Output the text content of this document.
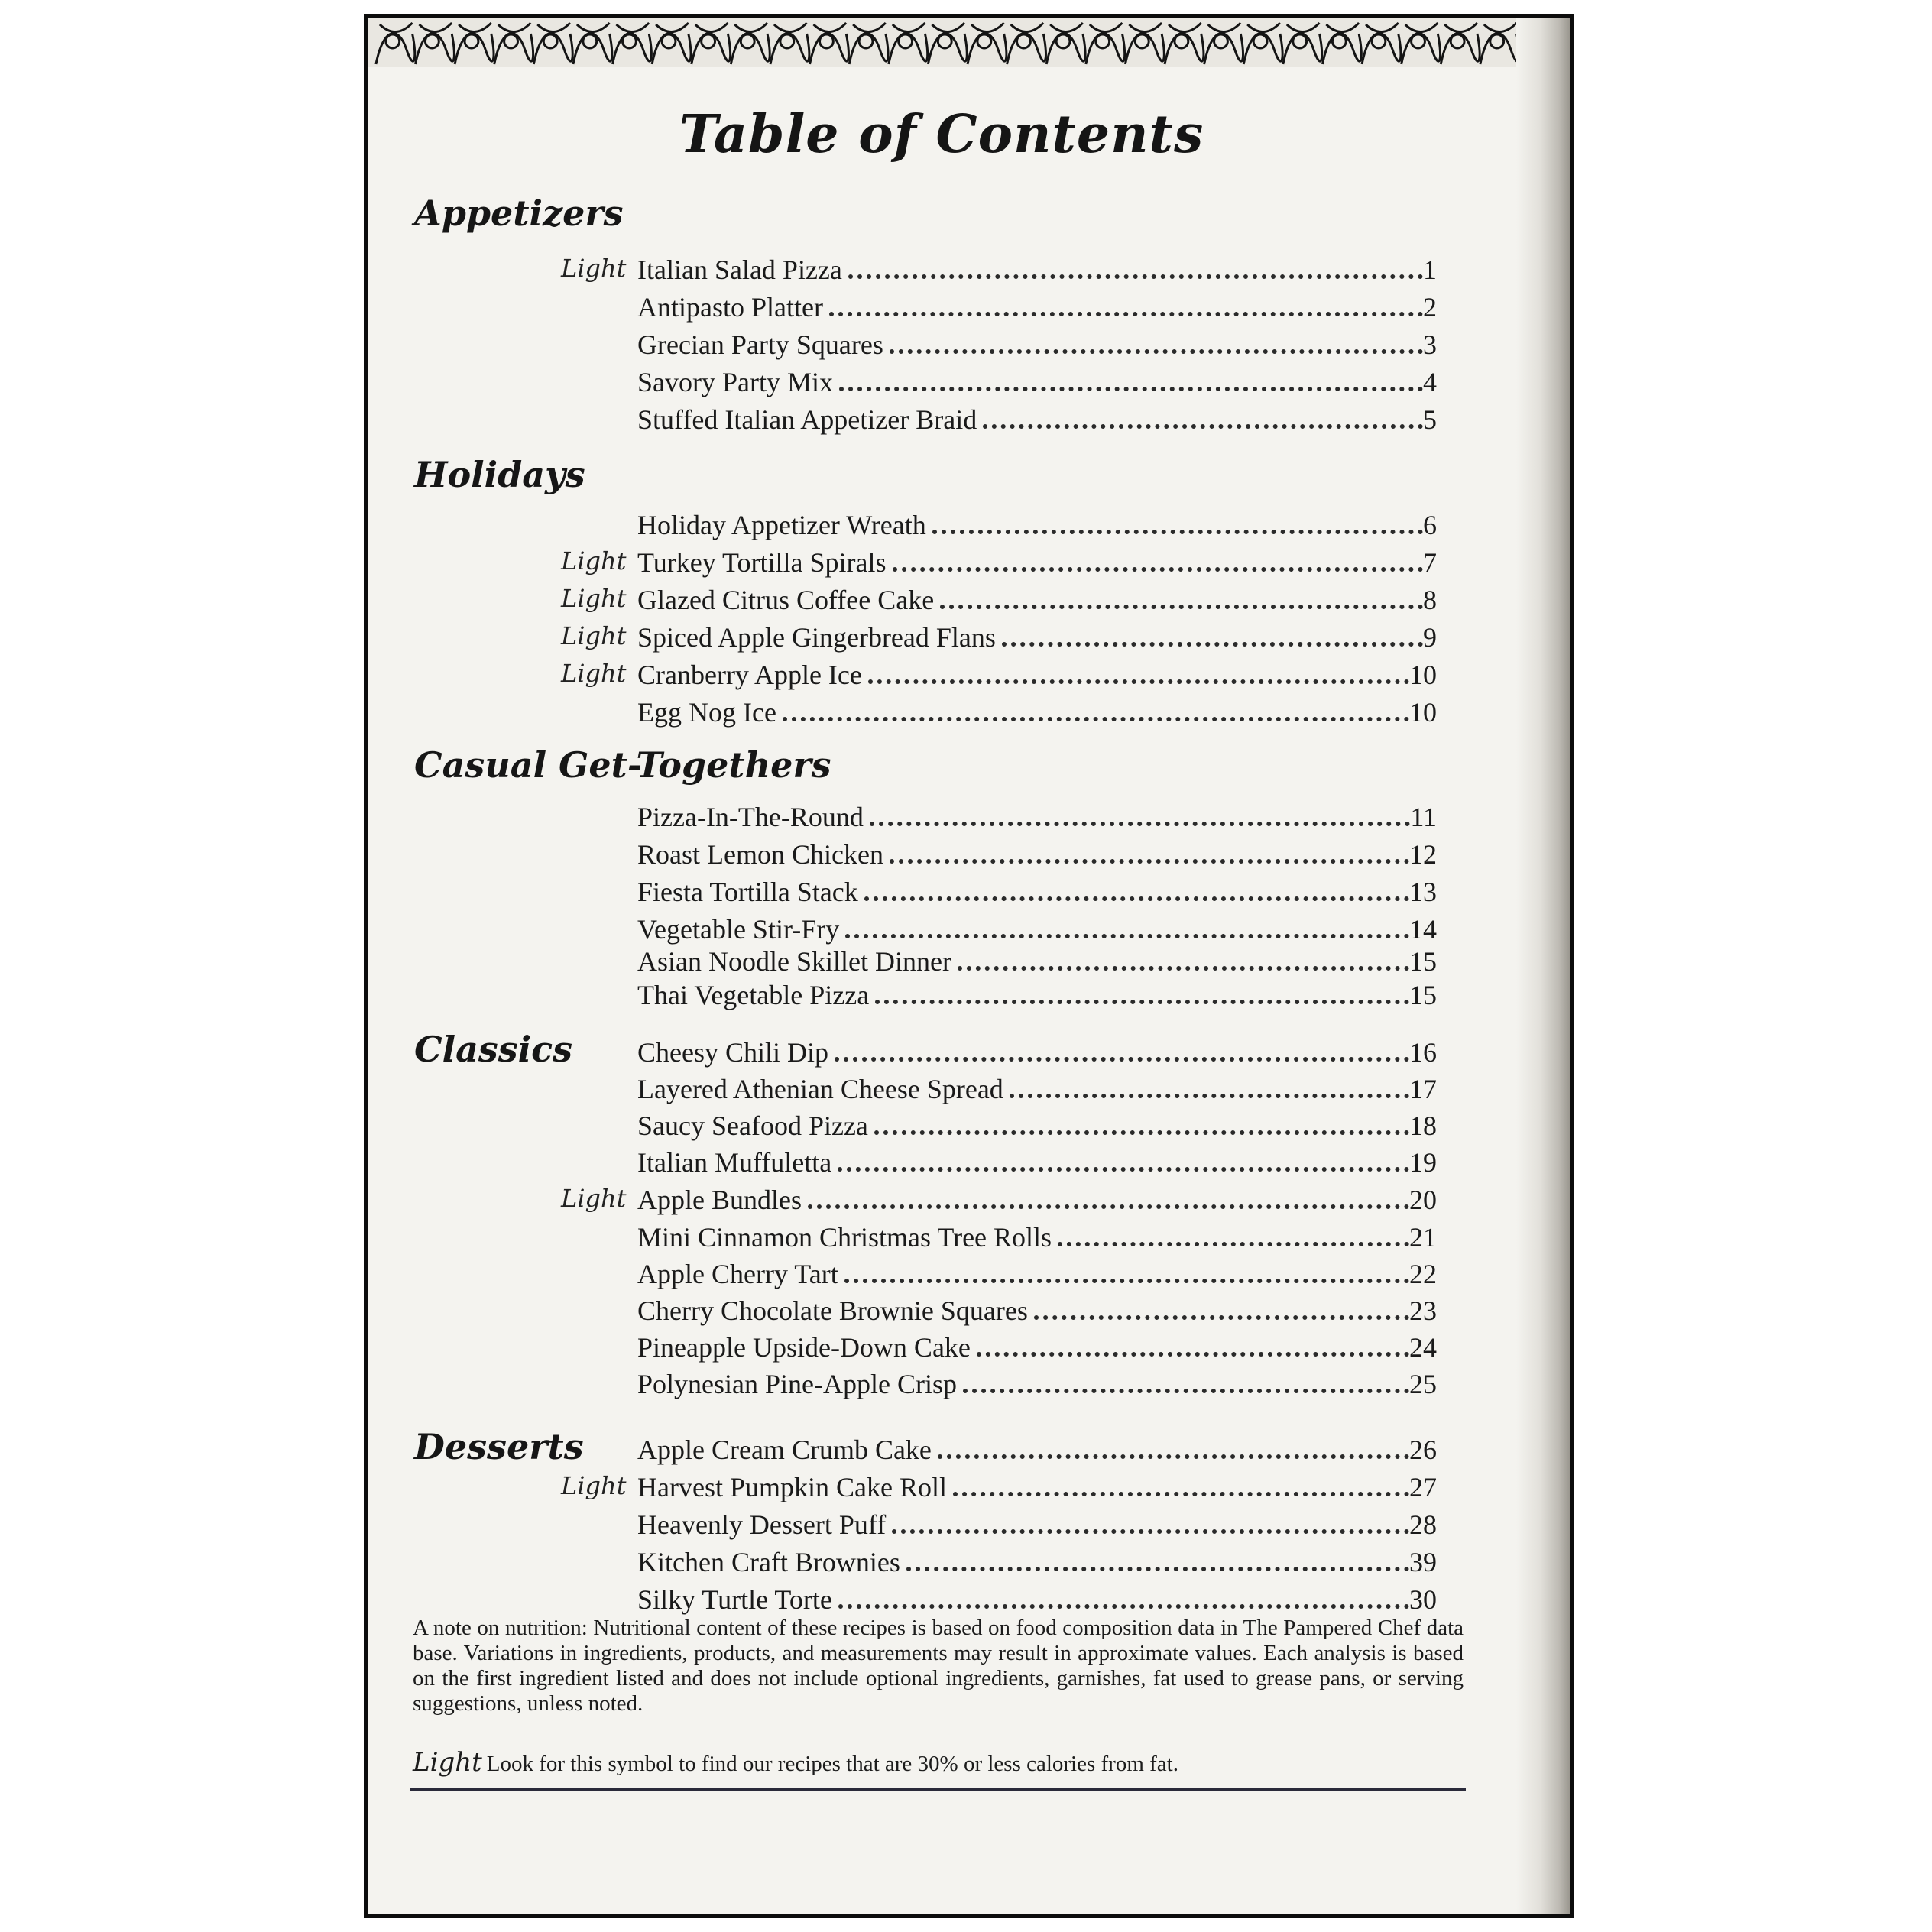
Table of Contents
Appetizers
Light Italian Salad Pizza	1
Antipasto Platter	2
Grecian Party Squares	3
Savory Party Mix	4
Stuffed Italian Appetizer Braid	5
Holidays
Holiday Appetizer Wreath	6
Light Turkey Tortilla Spirals	7
Light Glazed Citrus Coffee Cake	8
Light Spiced Apple Gingerbread Flans	9
Light Cranberry Apple Ice	10
Egg Nog Ice	10
Casual Get-Togethers
Pizza-In-The-Round	11
Roast Lemon Chicken	12
Fiesta Tortilla Stack	13
Vegetable Stir-Fry	14
Asian Noodle Skillet Dinner	15
Thai Vegetable Pizza	15
Classics Cheesy Chili Dip	16
Layered Athenian Cheese Spread	17
Saucy Seafood Pizza	18
Italian Muffuletta	19
Light Apple Bundles	20
Mini Cinnamon Christmas Tree Rolls	21
Apple Cherry Tart	22
Cherry Chocolate Brownie Squares	23
Pineapple Upside-Down Cake	24
Polynesian Pine-Apple Crisp	25
Desserts Apple Cream Crumb Cake	26
Light Harvest Pumpkin Cake Roll	27
Heavenly Dessert Puff	28
Kitchen Craft Brownies	39
Silky Turtle Torte	30
A note on nutrition: Nutritional content of these recipes is based on food composition data in The Pampered Chef data base. Variations in ingredients, products, and measurements may result in approximate values. Each analysis is based on the first ingredient listed and does not include optional ingredients, garnishes, fat used to grease pans, or serving suggestions, unless noted.
Light Look for this symbol to find our recipes that are 30% or less calories from fat.
